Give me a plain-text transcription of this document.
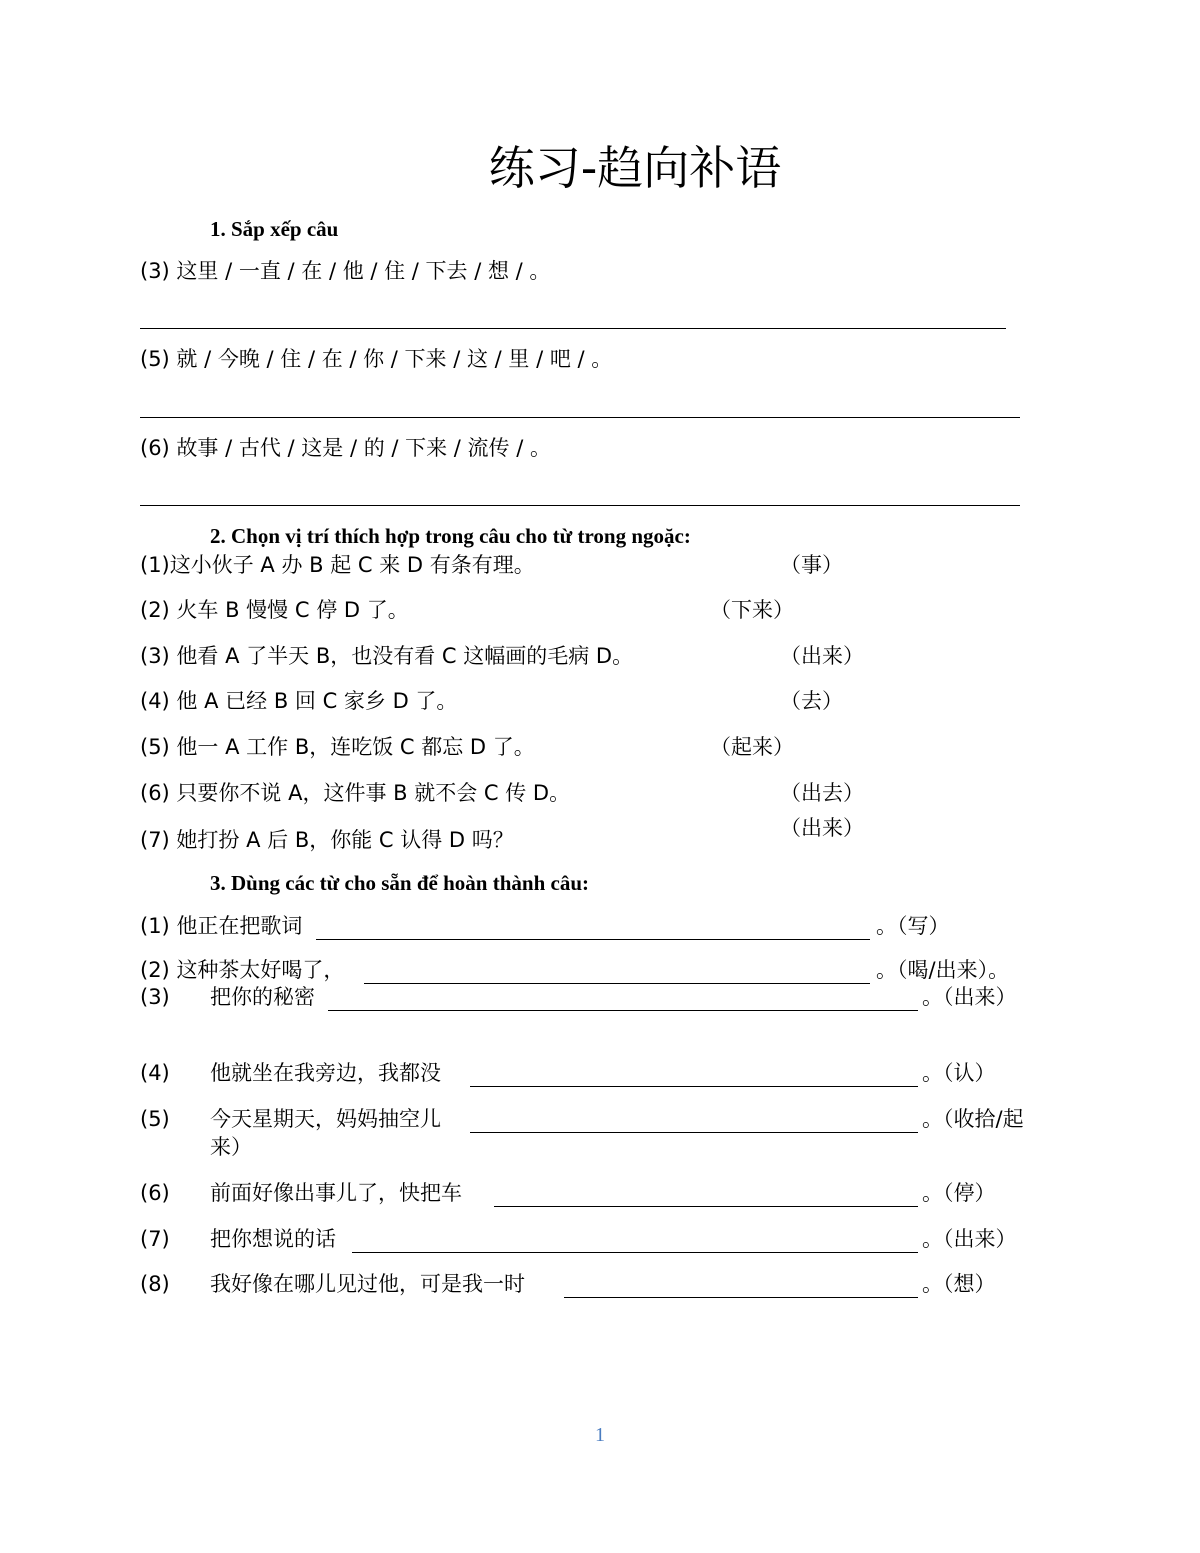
练习-趋向补语
1. Sắp xếp câu
(3) 这里 / 一直 / 在 / 他 / 住 / 下去 / 想 / 。
(5) 就 / 今晚 / 住 / 在 / 你 / 下来 / 这 / 里 / 吧 / 。
(6) 故事 / 古代 / 这是 / 的 / 下来 / 流传 / 。
2. Chọn vị trí thích hợp trong câu cho từ trong ngoặc:
(1)这小伙子 A 办 B 起 C 来 D 有条有理。	（事）
(2) 火车 B 慢慢 C 停 D 了。	（下来）
(3) 他看 A 了半天 B，也没有看 C 这幅画的毛病 D。	（出来）
(4) 他 A 已经 B 回 C 家乡 D 了。	（去）
(5) 他一 A 工作 B，连吃饭 C 都忘 D 了。	（起来）
(6) 只要你不说 A，这件事 B 就不会 C 传 D。	（出去）
(7) 她打扮 A 后 B，你能 C 认得 D 吗？	（出来）
3. Dùng các từ cho sẵn để hoàn thành câu:
(1) 他正在把歌词	。（写）
(2) 这种茶太好喝了，	。（喝/出来）。
(3) 把你的秘密	。（出来）
(4) 他就坐在我旁边，我都没	。（认）
(5) 今天星期天，妈妈抽空儿	。（收拾/起
来）
(6) 前面好像出事儿了，快把车	。（停）
(7) 把你想说的话	。（出来）
(8) 我好像在哪儿见过他，可是我一时	。（想）
1
